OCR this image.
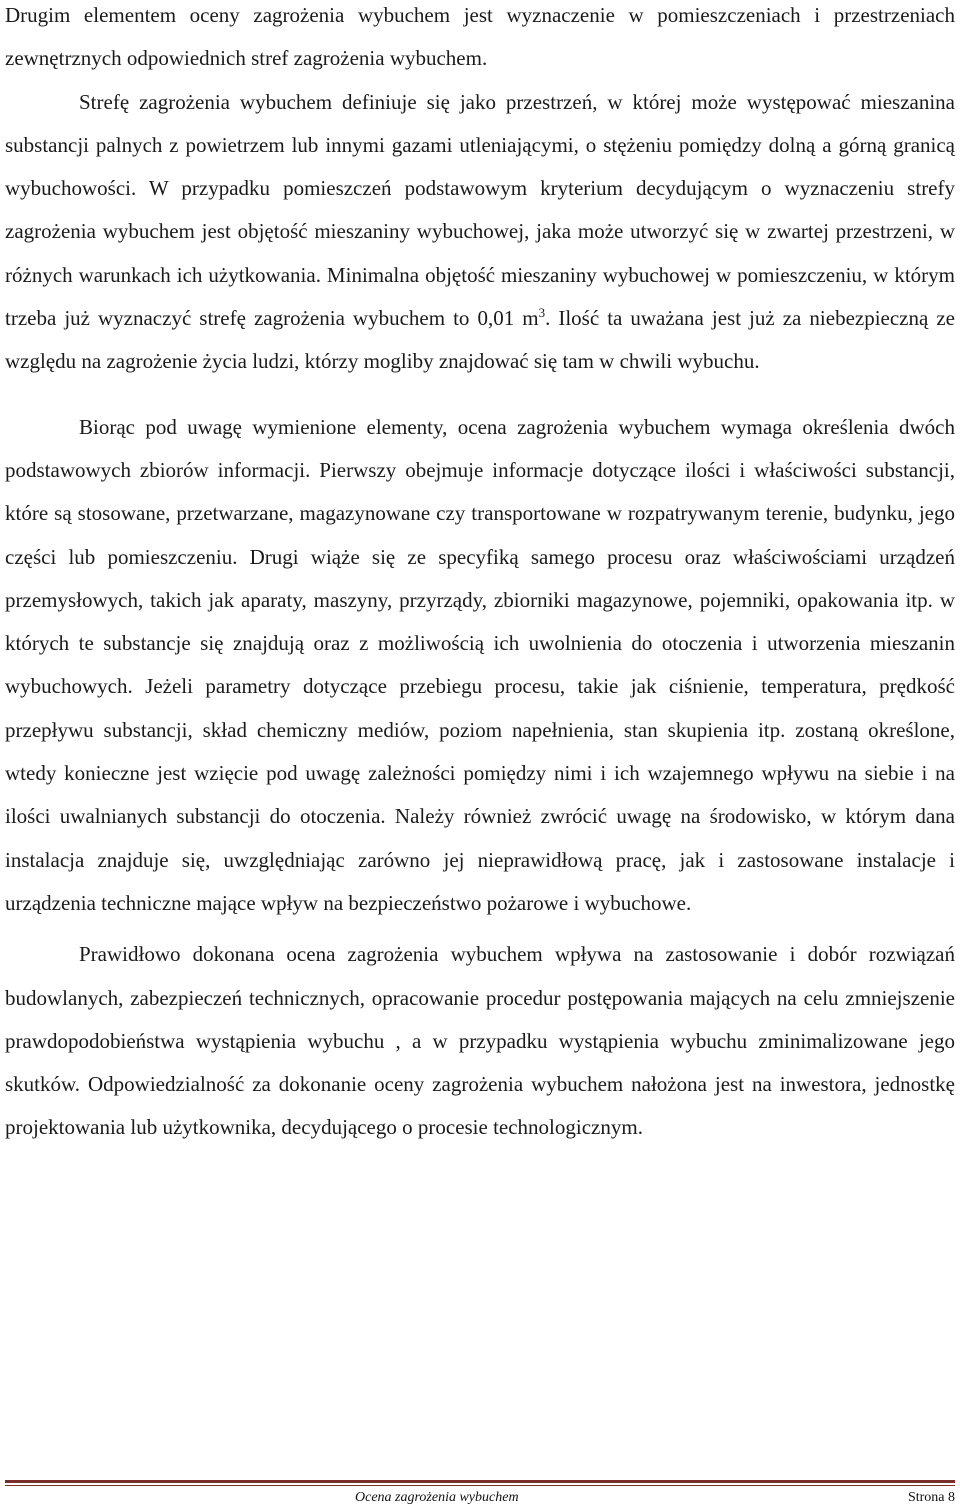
Drugim elementem oceny zagrożenia wybuchem jest wyznaczenie w pomieszczeniach i przestrzeniach zewnętrznych odpowiednich stref zagrożenia wybuchem.

Strefę zagrożenia wybuchem definiuje się jako przestrzeń, w której może występować mieszanina substancji palnych z powietrzem lub innymi gazami utleniającymi, o stężeniu pomiędzy dolną a górną granicą wybuchowości. W przypadku pomieszczeń podstawowym kryterium decydującym o wyznaczeniu strefy zagrożenia wybuchem jest objętość mieszaniny wybuchowej, jaka może utworzyć się w zwartej przestrzeni, w różnych warunkach ich użytkowania. Minimalna objętość mieszaniny wybuchowej w pomieszczeniu, w którym trzeba już wyznaczyć strefę zagrożenia wybuchem to 0,01 $m^3$. Ilość ta uważana jest już za niebezpieczną ze względu na zagrożenie życia ludzi, którzy mogliby znajdować się tam w chwili wybuchu.

Biorąc pod uwagę wymienione elementy, ocena zagrożenia wybuchem wymaga określenia dwóch podstawowych zbiorów informacji. Pierwszy obejmuje informacje dotyczące ilości i właściwości substancji, które są stosowane, przetwarzane, magazynowane czy transportowane w rozpatrywanym terenie, budynku, jego części lub pomieszczeniu. Drugi wiąże się ze specyfiką samego procesu oraz właściwościami urządzeń przemysłowych, takich jak aparaty, maszyny, przyrządy, zbiorniki magazynowe, pojemniki, opakowania itp. w których te substancje się znajdują oraz z możliwością ich uwolnienia do otoczenia i utworzenia mieszanin wybuchowych. Jeżeli parametry dotyczące przebiegu procesu, takie jak ciśnienie, temperatura, prędkość przepływu substancji, skład chemiczny mediów, poziom napełnienia, stan skupienia itp. zostaną określone, wtedy konieczne jest wzięcie pod uwagę zależności pomiędzy nimi i ich wzajemnego wpływu na siebie i na ilości uwalnianych substancji do otoczenia. Należy również zwrócić uwagę na środowisko, w którym dana instalacja znajduje się, uwzględniając zarówno jej nieprawidłową pracę, jak i zastosowane instalacje i urządzenia techniczne mające wpływ na bezpieczeństwo pożarowe i wybuchowe.

Prawidłowo dokonana ocena zagrożenia wybuchem wpływa na zastosowanie i dobór rozwiązań budowlanych, zabezpieczeń technicznych, opracowanie procedur postępowania mających na celu zmniejszenie prawdopodobieństwa wystąpienia wybuchu , a w przypadku wystąpienia wybuchu zminimalizowane jego skutków. Odpowiedzialność za dokonanie oceny zagrożenia wybuchem nałożona jest na inwestora, jednostkę projektowania lub użytkownika, decydującego o procesie technologicznym.

Ocena zagrożenia wybuchem	Strona 8
